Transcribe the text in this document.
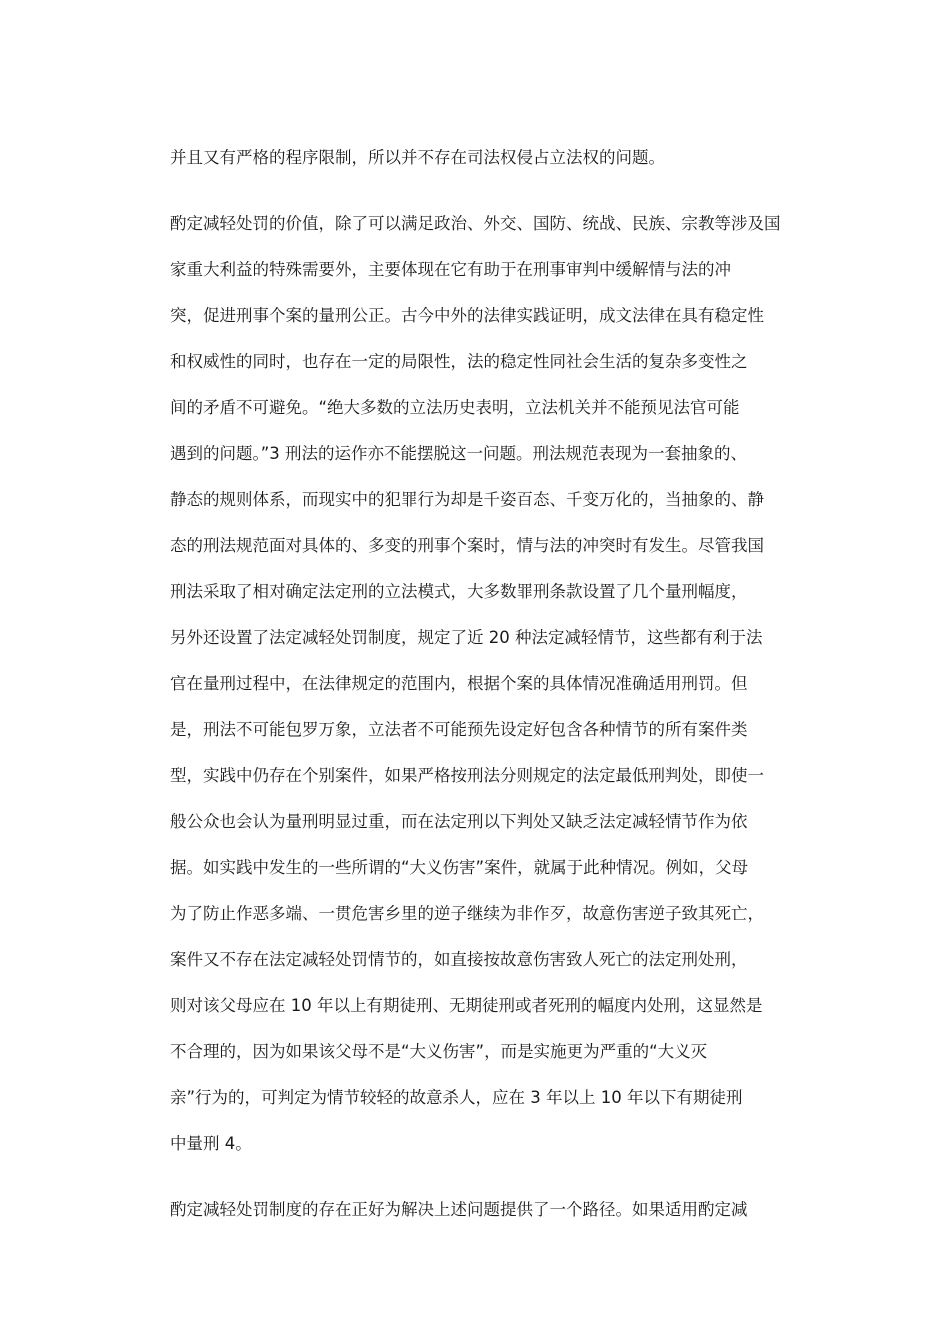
并且又有严格的程序限制，所以并不存在司法权侵占立法权的问题。
酌定减轻处罚的价值，除了可以满足政治、外交、国防、统战、民族、宗教等涉及国
家重大利益的特殊需要外，主要体现在它有助于在刑事审判中缓解情与法的冲
突，促进刑事个案的量刑公正。古今中外的法律实践证明，成文法律在具有稳定性
和权威性的同时，也存在一定的局限性，法的稳定性同社会生活的复杂多变性之
间的矛盾不可避免。“绝大多数的立法历史表明，立法机关并不能预见法官可能
遇到的问题。”3 刑法的运作亦不能摆脱这一问题。刑法规范表现为一套抽象的、
静态的规则体系，而现实中的犯罪行为却是千姿百态、千变万化的，当抽象的、静
态的刑法规范面对具体的、多变的刑事个案时，情与法的冲突时有发生。尽管我国
刑法采取了相对确定法定刑的立法模式，大多数罪刑条款设置了几个量刑幅度，
另外还设置了法定减轻处罚制度，规定了近 20 种法定减轻情节，这些都有利于法
官在量刑过程中，在法律规定的范围内，根据个案的具体情况准确适用刑罚。但
是，刑法不可能包罗万象，立法者不可能预先设定好包含各种情节的所有案件类
型，实践中仍存在个别案件，如果严格按刑法分则规定的法定最低刑判处，即使一
般公众也会认为量刑明显过重，而在法定刑以下判处又缺乏法定减轻情节作为依
据。如实践中发生的一些所谓的“大义伤害”案件，就属于此种情况。例如，父母
为了防止作恶多端、一贯危害乡里的逆子继续为非作歹，故意伤害逆子致其死亡，
案件又不存在法定减轻处罚情节的，如直接按故意伤害致人死亡的法定刑处刑，
则对该父母应在 10 年以上有期徒刑、无期徒刑或者死刑的幅度内处刑，这显然是
不合理的，因为如果该父母不是“大义伤害”，而是实施更为严重的“大义灭
亲”行为的，可判定为情节较轻的故意杀人，应在 3 年以上 10 年以下有期徒刑
中量刑 4。
酌定减轻处罚制度的存在正好为解决上述问题提供了一个路径。如果适用酌定减
